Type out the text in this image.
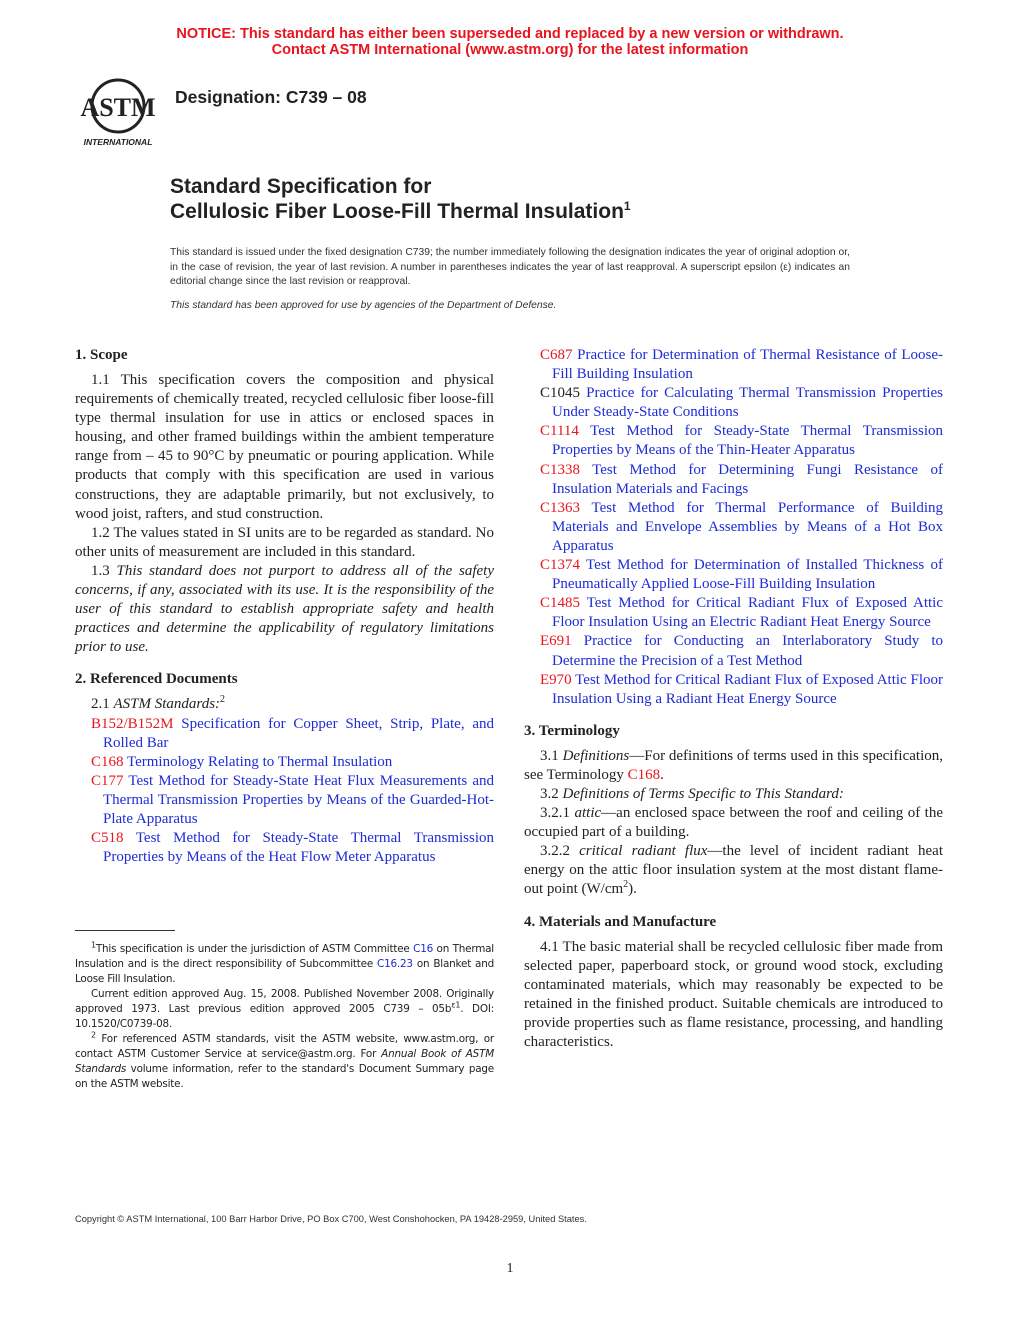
NOTICE: This standard has either been superseded and replaced by a new version or withdrawn.
Contact ASTM International (www.astm.org) for the latest information
ASTM
INTERNATIONAL
Designation: C739 – 08
Standard Specification for
Cellulosic Fiber Loose-Fill Thermal Insulation$^1$
This standard is issued under the fixed designation C739; the number immediately following the designation indicates the year of original adoption or, in the case of revision, the year of last revision. A number in parentheses indicates the year of last reapproval. A superscript epsilon (ε) indicates an editorial change since the last revision or reapproval.
This standard has been approved for use by agencies of the Department of Defense.
1. Scope

1.1 This specification covers the composition and physical requirements of chemically treated, recycled cellulosic fiber loose-fill type thermal insulation for use in attics or enclosed spaces in housing, and other framed buildings within the ambient temperature range from – 45 to 90°C by pneumatic or pouring application. While products that comply with this specification are used in various constructions, they are adaptable primarily, but not exclusively, to wood joist, rafters, and stud construction.

1.2 The values stated in SI units are to be regarded as standard. No other units of measurement are included in this standard.

1.3 This standard does not purport to address all of the safety concerns, if any, associated with its use. It is the responsibility of the user of this standard to establish appropriate safety and health practices and determine the applicability of regulatory limitations prior to use.

2. Referenced Documents

2.1 ASTM Standards:$^2$

B152/B152M Specification for Copper Sheet, Strip, Plate, and Rolled Bar

C168 Terminology Relating to Thermal Insulation

C177 Test Method for Steady-State Heat Flux Measurements and Thermal Transmission Properties by Means of the Guarded-Hot-Plate Apparatus

C518 Test Method for Steady-State Thermal Transmission Properties by Means of the Heat Flow Meter Apparatus

C687 Practice for Determination of Thermal Resistance of Loose-Fill Building Insulation

C1045 Practice for Calculating Thermal Transmission Properties Under Steady-State Conditions

C1114 Test Method for Steady-State Thermal Transmission Properties by Means of the Thin-Heater Apparatus

C1338 Test Method for Determining Fungi Resistance of Insulation Materials and Facings

C1363 Test Method for Thermal Performance of Building Materials and Envelope Assemblies by Means of a Hot Box Apparatus

C1374 Test Method for Determination of Installed Thickness of Pneumatically Applied Loose-Fill Building Insulation

C1485 Test Method for Critical Radiant Flux of Exposed Attic Floor Insulation Using an Electric Radiant Heat Energy Source

E691 Practice for Conducting an Interlaboratory Study to Determine the Precision of a Test Method

E970 Test Method for Critical Radiant Flux of Exposed Attic Floor Insulation Using a Radiant Heat Energy Source

3. Terminology

3.1 Definitions—For definitions of terms used in this specification, see Terminology C168.

3.2 Definitions of Terms Specific to This Standard:

3.2.1 attic—an enclosed space between the roof and ceiling of the occupied part of a building.

3.2.2 critical radiant flux—the level of incident radiant heat energy on the attic floor insulation system at the most distant flame-out point $(W/cm^2)$.

4. Materials and Manufacture

4.1 The basic material shall be recycled cellulosic fiber made from selected paper, paperboard stock, or ground wood stock, excluding contaminated materials, which may reasonably be expected to be retained in the finished product. Suitable chemicals are introduced to provide properties such as flame resistance, processing, and handling characteristics.

$^1$This specification is under the jurisdiction of ASTM Committee C16 on Thermal Insulation and is the direct responsibility of Subcommittee C16.23 on Blanket and Loose Fill Insulation.

Current edition approved Aug. 15, 2008. Published November 2008. Originally approved 1973. Last previous edition approved 2005 $C739 - 05b^{\varepsilon 1}$. DOI: 10.1520/C0739-08.

$^2$ For referenced ASTM standards, visit the ASTM website, www.astm.org, or contact ASTM Customer Service at service@astm.org. For Annual Book of ASTM Standards volume information, refer to the standard's Document Summary page on the ASTM website.

Copyright © ASTM International, 100 Barr Harbor Drive, PO Box C700, West Conshohocken, PA 19428-2959, United States.
1
